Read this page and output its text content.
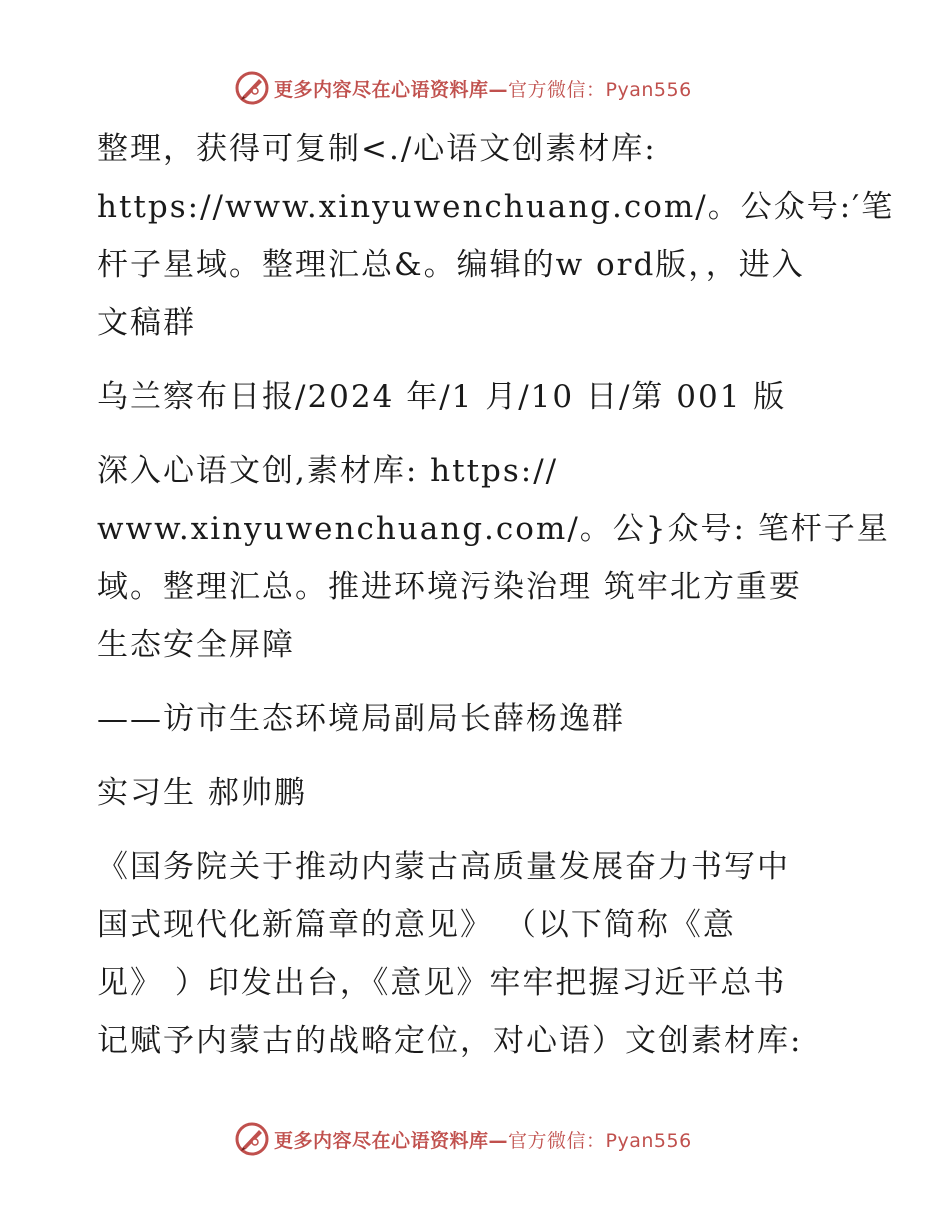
更多内容尽在心语资料库—官方微信：Pyan556

整理，获得可复制<./心语文创素材库:

https://www.xinyuwenchuang.com/。公众号:′笔

杆子星域。整理汇总&。编辑的w ord版，，进入

文稿群

乌兰察布日报/2024 年/1 月/10 日/第 001 版

深入心语文创,素材库: https://

www.xinyuwenchuang.com/。公}众号: 笔杆子星

域。整理汇总。推进环境污染治理 筑牢北方重要

生态安全屏障

——访市生态环境局副局长薛杨逸群

实习生 郝帅鹏

《国务院关于推动内蒙古高质量发展奋力书写中

国式现代化新篇章的意见》 （以下简称《意

见》 ）印发出台，《意见》牢牢把握习近平总书

记赋予内蒙古的战略定位，对心语）文创素材库:

更多内容尽在心语资料库—官方微信：Pyan556
